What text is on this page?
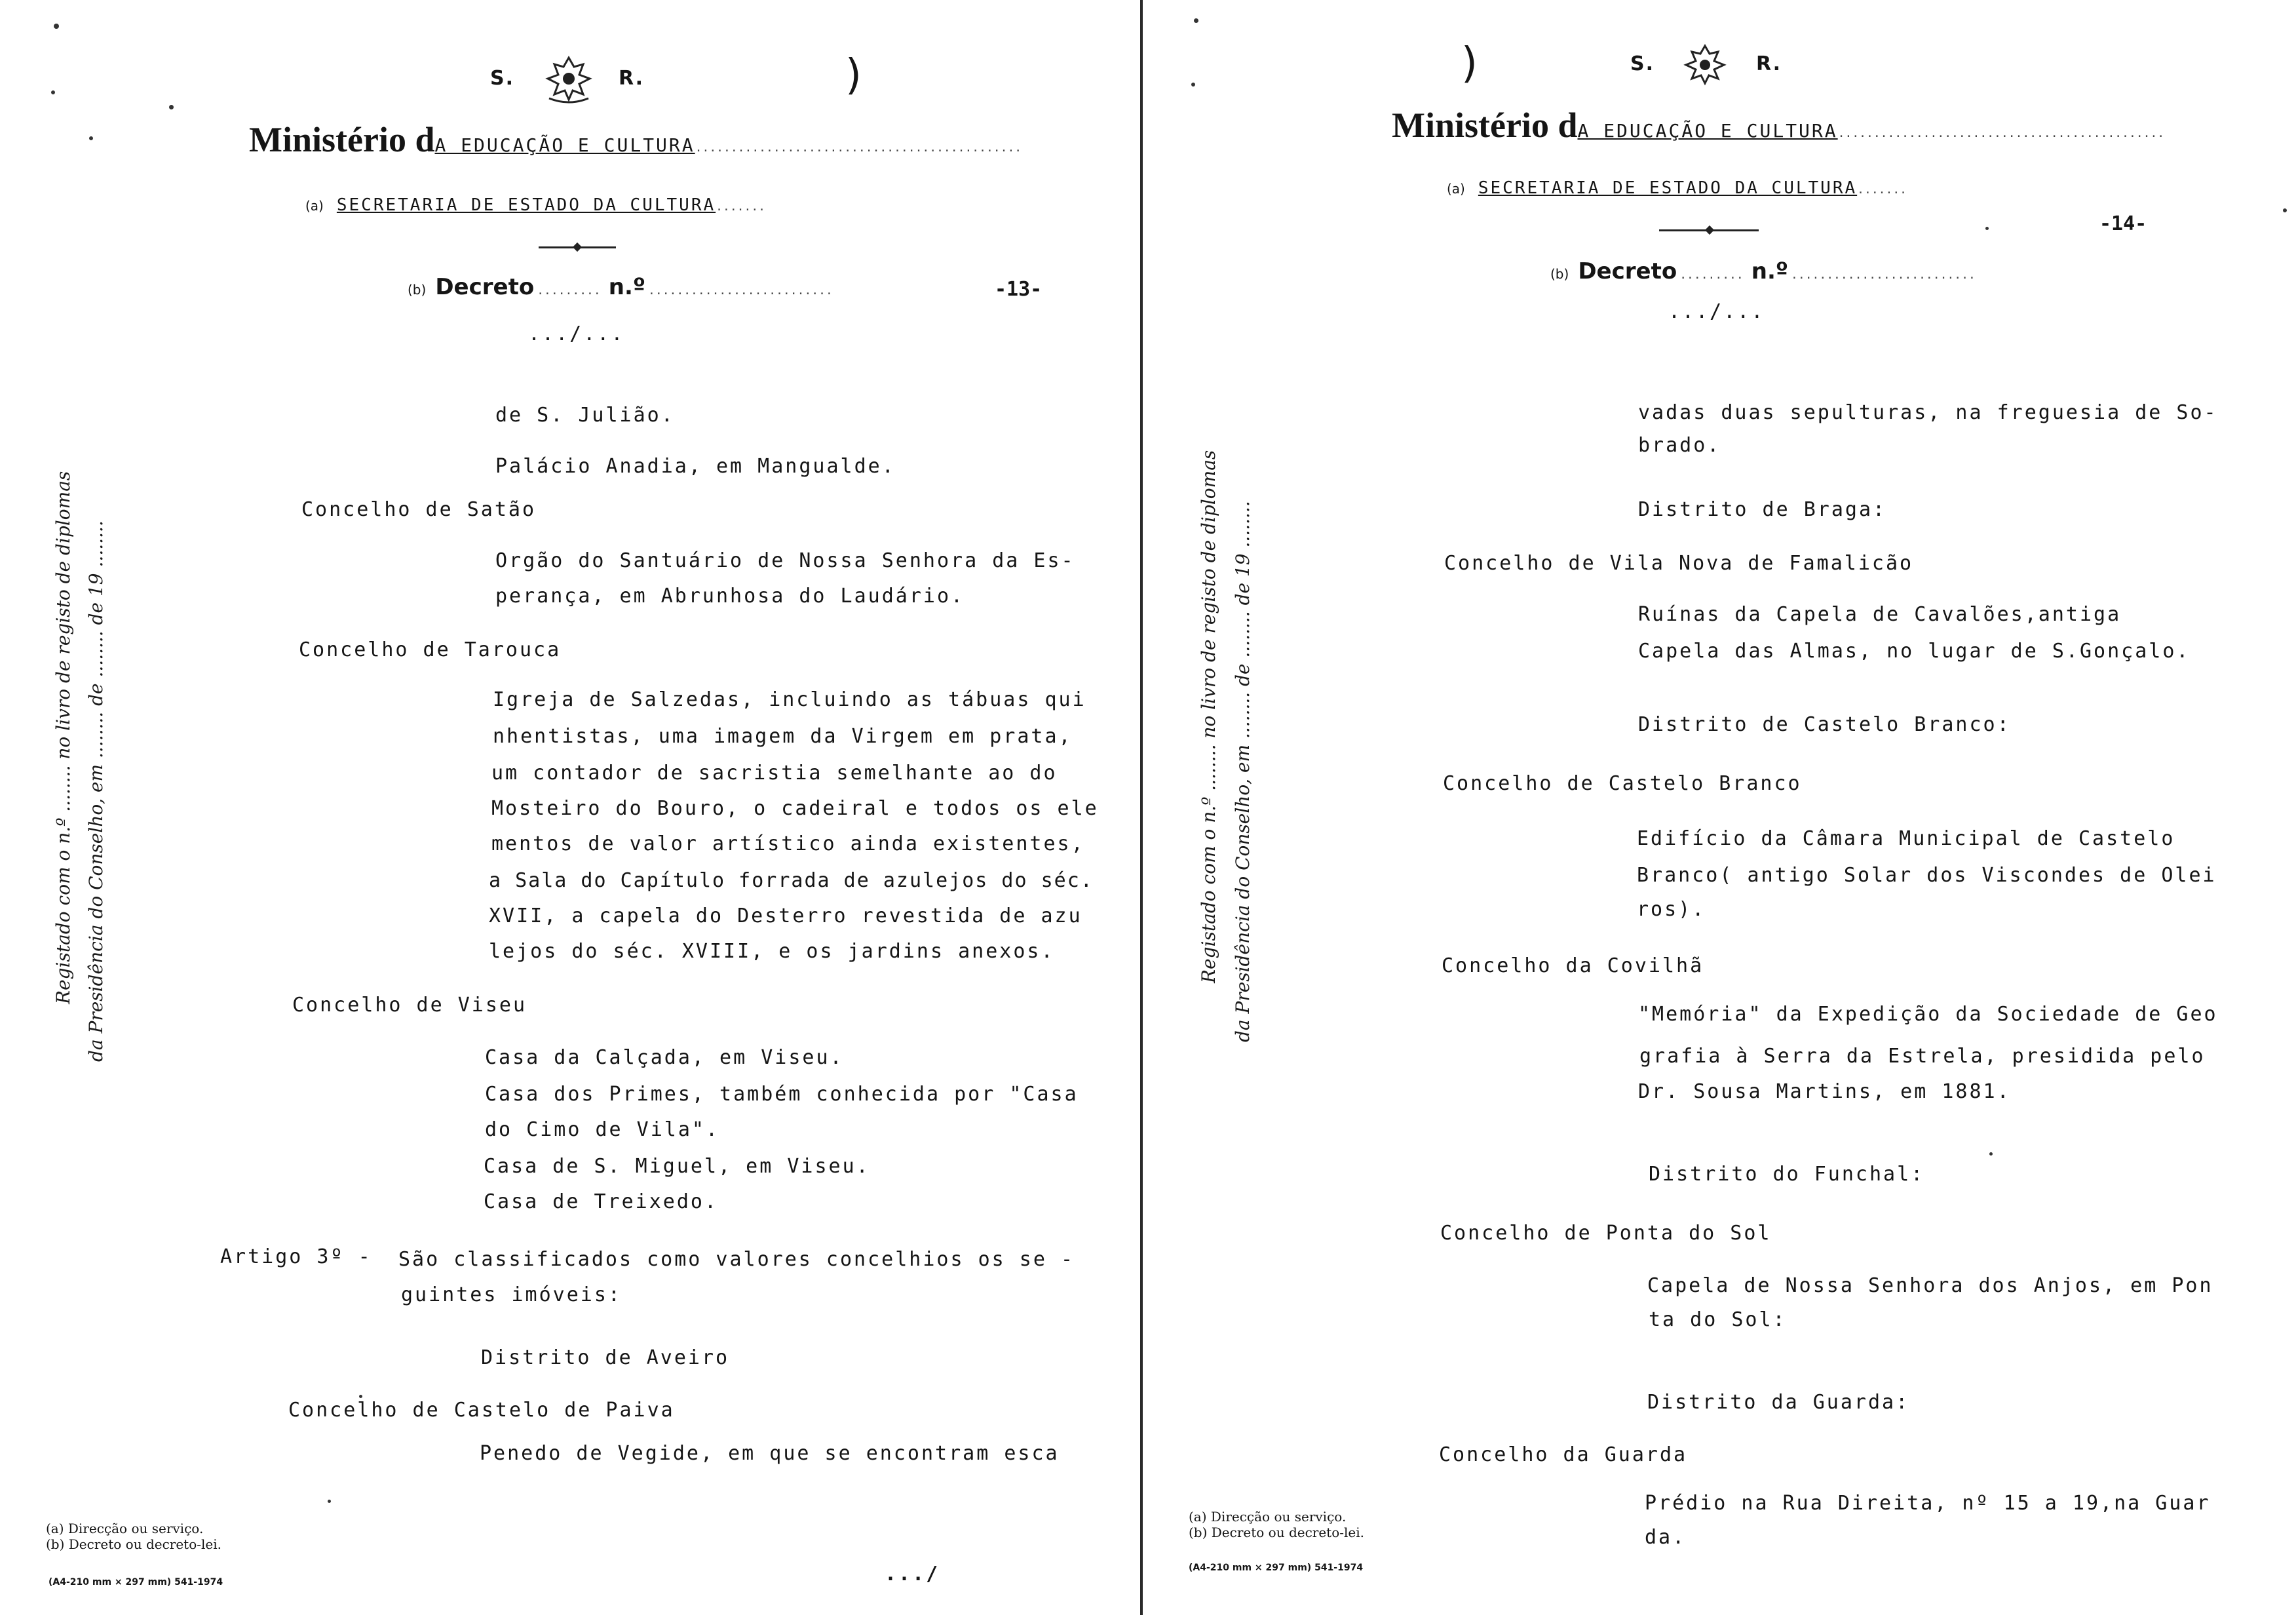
S.	R.	)
Ministério dA EDUCAÇÃO E CULTURA..............................................
(a) SECRETARIA DE ESTADO DA CULTURA.......
(b) Decreto ......... n.º ..........................	-13-
.../...
Registado com o n.º ........ no livro de registo de diplomas da Presidência do Conselho, em ........ de ........ de 19 ........
de S. Julião.
Palácio Anadia, em Mangualde.
Concelho de Satão
Orgão do Santuário de Nossa Senhora da Es-
perança, em Abrunhosa do Laudário.
Concelho de Tarouca
Igreja de Salzedas, incluindo as tábuas qui
nhentistas, uma imagem da Virgem em prata,
um contador de sacristia semelhante ao do
Mosteiro do Bouro, o cadeiral e todos os ele
mentos de valor artístico ainda existentes,
a Sala do Capítulo forrada de azulejos do séc.
XVII, a capela do Desterro revestida de azu
lejos do séc. XVIII, e os jardins anexos.
Concelho de Viseu
Casa da Calçada, em Viseu.
Casa dos Primes, também conhecida por "Casa
do Cimo de Vila".
Casa de S. Miguel, em Viseu.
Casa de Treixedo.
Artigo 3º - São classificados como valores concelhios os se -
guintes imóveis:
Distrito de Aveiro
Concelho de Castelo de Paiva
Penedo de Vegide, em que se encontram esca
(a) Direcção ou serviço.
(b) Decreto ou decreto-lei.
(A4-210 mm × 297 mm) 541-1974	.../
)	S.	R.
Ministério dA EDUCAÇÃO E CULTURA..............................................
(a) SECRETARIA DE ESTADO DA CULTURA.......
-14-
(b) Decreto ......... n.º ..........................
.../...
Registado com o n.º ........ no livro de registo de diplomas da Presidência do Conselho, em ........ de ........ de 19 ........
vadas duas sepulturas, na freguesia de So-
brado.
Distrito de Braga:
Concelho de Vila Nova de Famalicão
Ruínas da Capela de Cavalões,antiga
Capela das Almas, no lugar de S.Gonçalo.
Distrito de Castelo Branco:
Concelho de Castelo Branco
Edifício da Câmara Municipal de Castelo
Branco( antigo Solar dos Viscondes de Olei
ros).
Concelho da Covilhã
"Memória" da Expedição da Sociedade de Geo
grafia à Serra da Estrela, presidida pelo
Dr. Sousa Martins, em 1881.
Distrito do Funchal:
Concelho de Ponta do Sol
Capela de Nossa Senhora dos Anjos, em Pon
ta do Sol:
Distrito da Guarda:
Concelho da Guarda
Prédio na Rua Direita, nº 15 a 19,na Guar
da.
(a) Direcção ou serviço.
(b) Decreto ou decreto-lei.
(A4-210 mm × 297 mm) 541-1974
